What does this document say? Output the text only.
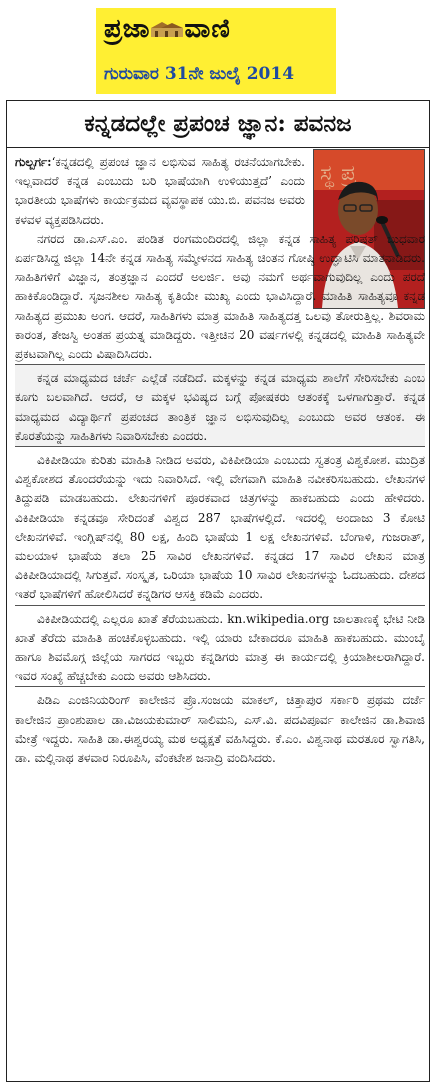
ಪ್ರಜಾ ವಾಣಿ
ಗುರುವಾರ 31ನೇ ಜುಲೈ 2014
ಕನ್ನಡದಲ್ಲೇ ಪ್ರಪಂಚ ಜ್ಞಾನ: ಪವನಜ
ಸ್ಥ ಪ್ರ

ಗುಲ್ಬರ್ಗ:‘ಕನ್ನಡದಲ್ಲಿ ಪ್ರಪಂಚ ಜ್ಞಾನ ಲಭಿಸುವ ಸಾಹಿತ್ಯ ರಚನೆಯಾಗಬೇಕು. ಇಲ್ಲವಾದರೆ ಕನ್ನಡ ಎಂಬುದು ಬರಿ ಭಾಷೆಯಾಗಿ ಉಳಿಯುತ್ತದೆ’ ಎಂದು ಭಾರತೀಯ ಭಾಷೆಗಳು ಕಾರ್ಯಕ್ರಮದ ವ್ಯವಸ್ಥಾಪಕ ಯು.ಬಿ. ಪವನಜ ಅವರು ಕಳವಳ ವ್ಯಕ್ತಪಡಿಸಿದರು.

ನಗರದ ಡಾ.ಎಸ್.ಎಂ. ಪಂಡಿತ ರಂಗಮಂದಿರದಲ್ಲಿ ಜಿಲ್ಲಾ ಕನ್ನಡ ಸಾಹಿತ್ಯ ಪರಿಷತ್ ಬುಧವಾರ ಏರ್ಪಡಿಸಿದ್ದ ಜಿಲ್ಲಾ 14ನೇ ಕನ್ನಡ ಸಾಹಿತ್ಯ ಸಮ್ಮೇಳನದ ಸಾಹಿತ್ಯ ಚಿಂತನ ಗೋಷ್ಠಿ ಉದ್ಘಾಟಿಸಿ ಮಾತನಾಡಿದರು. ಸಾಹಿತಿಗಳಿಗೆ ವಿಜ್ಞಾನ, ತಂತ್ರಜ್ಞಾನ ಎಂದರೆ ಅಲರ್ಜಿ. ಅವು ನಮಗೆ ಅರ್ಥವಾಗುವುದಿಲ್ಲ ಎಂದು ಪರದೆ ಹಾಕಿಕೊಂಡಿದ್ದಾರೆ. ಸೃಜನಶೀಲ ಸಾಹಿತ್ಯ ಕೃತಿಯೇ ಮುಖ್ಯ ಎಂದು ಭಾವಿಸಿದ್ದಾರೆ. ಮಾಹಿತಿ ಸಾಹಿತ್ಯವೂ ಕನ್ನಡ ಸಾಹಿತ್ಯದ ಪ್ರಮುಖ ಅಂಗ. ಆದರೆ, ಸಾಹಿತಿಗಳು ಮಾತ್ರ ಮಾಹಿತಿ ಸಾಹಿತ್ಯದತ್ತ ಒಲವು ತೋರುತ್ತಿಲ್ಲ. ಶಿವರಾಮ ಕಾರಂತ, ತೇಜಸ್ವಿ ಅಂತಹ ಪ್ರಯತ್ನ ಮಾಡಿದ್ದರು. ಇತ್ತೀಚಿನ 20 ವರ್ಷಗಳಲ್ಲಿ ಕನ್ನಡದಲ್ಲಿ ಮಾಹಿತಿ ಸಾಹಿತ್ಯವೇ ಪ್ರಕಟವಾಗಿಲ್ಲ ಎಂದು ವಿಷಾದಿಸಿದರು.

ಕನ್ನಡ ಮಾಧ್ಯಮದ ಚರ್ಚೆ ಎಲ್ಲೆಡೆ ನಡೆದಿದೆ. ಮಕ್ಕಳನ್ನು ಕನ್ನಡ ಮಾಧ್ಯಮ ಶಾಲೆಗೆ ಸೇರಿಸಬೇಕು ಎಂಬ ಕೂಗು ಬಲವಾಗಿದೆ. ಆದರೆ, ಆ ಮಕ್ಕಳ ಭವಿಷ್ಯದ ಬಗ್ಗೆ ಪೋಷಕರು ಆತಂಕಕ್ಕೆ ಒಳಗಾಗುತ್ತಾರೆ. ಕನ್ನಡ ಮಾಧ್ಯಮದ ವಿದ್ಯಾರ್ಥಿಗೆ ಪ್ರಪಂಚದ ತಾಂತ್ರಿಕ ಜ್ಞಾನ ಲಭಿಸುವುದಿಲ್ಲ ಎಂಬುದು ಅವರ ಆತಂಕ. ಈ ಕೊರತೆಯನ್ನು ಸಾಹಿತಿಗಳು ನಿವಾರಿಸಬೇಕು ಎಂದರು.

ವಿಕಿಪೀಡಿಯಾ ಕುರಿತು ಮಾಹಿತಿ ನೀಡಿದ ಅವರು, ವಿಕಿಪೀಡಿಯಾ ಎಂಬುದು ಸ್ವತಂತ್ರ ವಿಶ್ವಕೋಶ. ಮುದ್ರಿತ ವಿಶ್ವಕೋಶದ ತೊಂದರೆಯನ್ನು ಇದು ನಿವಾರಿಸಿದೆ. ಇಲ್ಲಿ ವೇಗವಾಗಿ ಮಾಹಿತಿ ನವೀಕರಿಸಬಹುದು. ಲೇಖನಗಳ ತಿದ್ದುಪಡಿ ಮಾಡಬಹುದು. ಲೇಖನಗಳಿಗೆ ಪೂರಕವಾದ ಚಿತ್ರಗಳನ್ನು ಹಾಕಬಹುದು ಎಂದು ಹೇಳಿದರು. ವಿಕಿಪೀಡಿಯಾ ಕನ್ನಡವೂ ಸೇರಿದಂತೆ ವಿಶ್ವದ 287 ಭಾಷೆಗಳಲ್ಲಿದೆ. ಇದರಲ್ಲಿ ಅಂದಾಜು 3 ಕೋಟಿ ಲೇಖನಗಳಿವೆ. ಇಂಗ್ಲಿಷ್‌ನಲ್ಲಿ 80 ಲಕ್ಷ, ಹಿಂದಿ ಭಾಷೆಯ 1 ಲಕ್ಷ ಲೇಖನಗಳಿವೆ. ಬೆಂಗಾಳಿ, ಗುಜರಾತ್, ಮಲಯಾಳ ಭಾಷೆಯ ತಲಾ 25 ಸಾವಿರ ಲೇಖನಗಳಿವೆ. ಕನ್ನಡದ 17 ಸಾವಿರ ಲೇಖನ ಮಾತ್ರ ವಿಕಿಪೀಡಿಯಾದಲ್ಲಿ ಸಿಗುತ್ತವೆ. ಸಂಸ್ಕೃತ, ಒರಿಯಾ ಭಾಷೆಯ 10 ಸಾವಿರ ಲೇಖನಗಳನ್ನು ಓದಬಹುದು. ದೇಶದ ಇತರೆ ಭಾಷೆಗಳಿಗೆ ಹೋಲಿಸಿದರೆ ಕನ್ನಡಿಗರ ಆಸಕ್ತಿ ಕಡಿಮೆ ಎಂದರು.

ವಿಕಿಪೀಡಿಯದಲ್ಲಿ ಎಲ್ಲರೂ ಖಾತೆ ತೆರೆಯಬಹುದು. kn.wikipedia.org ಜಾಲತಾಣಕ್ಕೆ ಭೇಟಿ ನೀಡಿ ಖಾತೆ ತೆರೆದು ಮಾಹಿತಿ ಹಂಚಿಕೊಳ್ಳಬಹುದು. ಇಲ್ಲಿ ಯಾರು ಬೇಕಾದರೂ ಮಾಹಿತಿ ಹಾಕಬಹುದು. ಮುಂಬೈ ಹಾಗೂ ಶಿವಮೊಗ್ಗ ಜಿಲ್ಲೆಯ ಸಾಗರದ ಇಬ್ಬರು ಕನ್ನಡಿಗರು ಮಾತ್ರ ಈ ಕಾರ್ಯದಲ್ಲಿ ಕ್ರಿಯಾಶೀಲರಾಗಿದ್ದಾರೆ. ಇವರ ಸಂಖ್ಯೆ ಹೆಚ್ಚಬೇಕು ಎಂದು ಅವರು ಆಶಿಸಿದರು.

ಪಿಡಿಎ ಎಂಜಿನಿಯರಿಂಗ್ ಕಾಲೇಜಿನ ಪ್ರೊ.ಸಂಜಯ ಮಾಕಲ್, ಚಿತ್ತಾಪುರ ಸರ್ಕಾರಿ ಪ್ರಥಮ ದರ್ಜೆ ಕಾಲೇಜಿನ ಪ್ರಾಂಶುಪಾಲ ಡಾ.ವಿಜಯಕುಮಾರ್ ಸಾಲಿಮನಿ, ಎಸ್.ವಿ. ಪದವಿಪೂರ್ವ ಕಾಲೇಜಿನ ಡಾ.ಶಿವಾಜಿ ಮೇತ್ರೆ ಇದ್ದರು. ಸಾಹಿತಿ ಡಾ.ಈಶ್ವರಯ್ಯ ಮಠ ಅಧ್ಯಕ್ಷತೆ ವಹಿಸಿದ್ದರು. ಕೆ.ಎಂ. ವಿಶ್ವನಾಥ ಮರತೂರ ಸ್ವಾಗತಿಸಿ, ಡಾ. ಮಲ್ಲಿನಾಥ ತಳವಾರ ನಿರೂಪಿಸಿ, ವೆಂಕಟೇಶ ಜನಾದ್ರಿ ವಂದಿಸಿದರು.
